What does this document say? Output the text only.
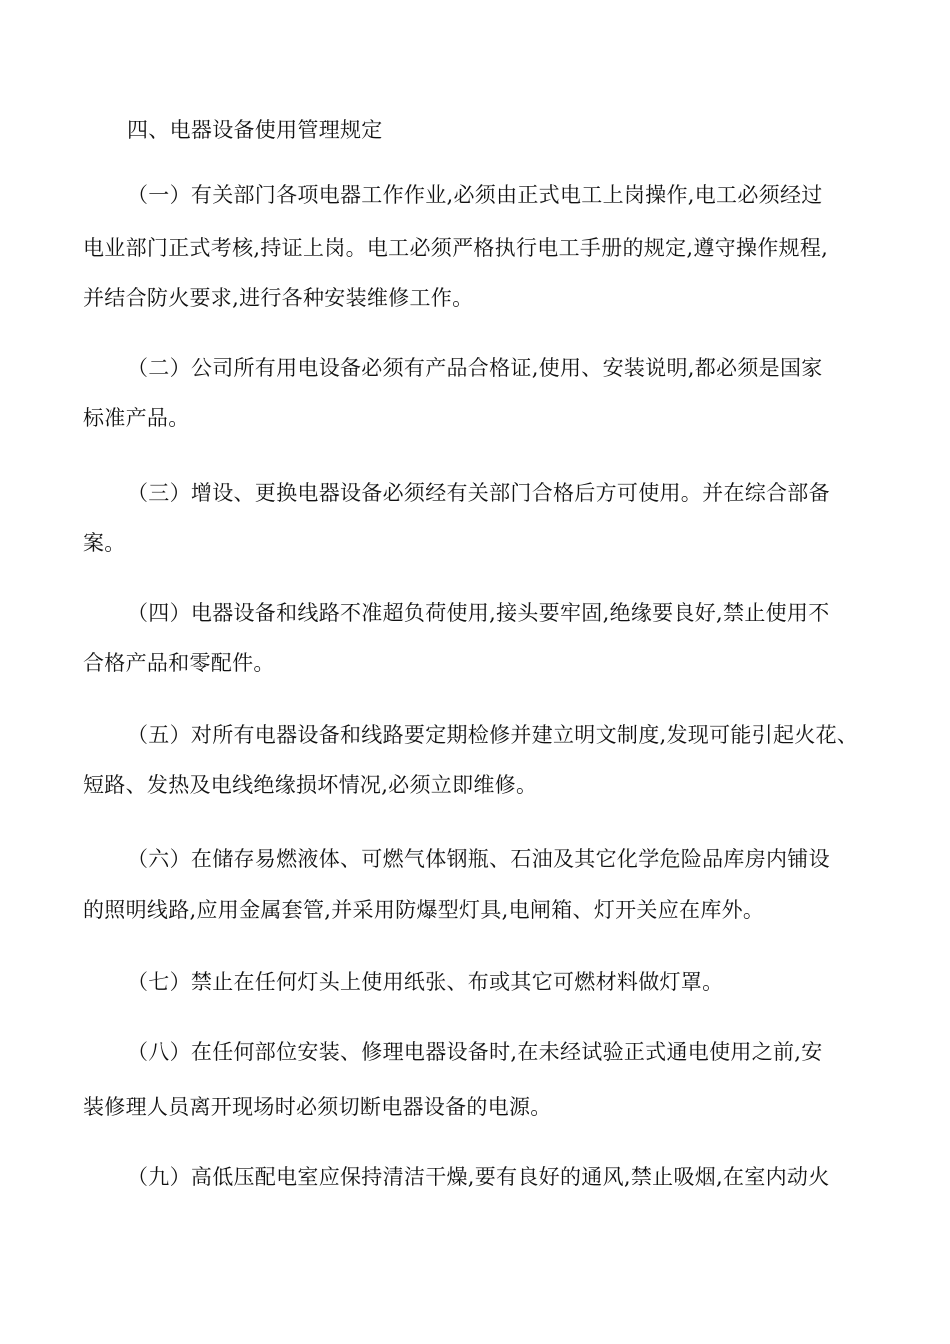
四、电器设备使用管理规定
（一）有关部门各项电器工作作业,必须由正式电工上岗操作,电工必须经过
电业部门正式考核,持证上岗。电工必须严格执行电工手册的规定,遵守操作规程,
并结合防火要求,进行各种安装维修工作。
（二）公司所有用电设备必须有产品合格证,使用、安装说明,都必须是国家
标准产品。
（三）增设、更换电器设备必须经有关部门合格后方可使用。并在综合部备
案。
（四）电器设备和线路不准超负荷使用,接头要牢固,绝缘要良好,禁止使用不
合格产品和零配件。
（五）对所有电器设备和线路要定期检修并建立明文制度,发现可能引起火花、
短路、发热及电线绝缘损坏情况,必须立即维修。
（六）在储存易燃液体、可燃气体钢瓶、石油及其它化学危险品库房内铺设
的照明线路,应用金属套管,并采用防爆型灯具,电闸箱、灯开关应在库外。
（七）禁止在任何灯头上使用纸张、布或其它可燃材料做灯罩。
（八）在任何部位安装、修理电器设备时,在未经试验正式通电使用之前,安
装修理人员离开现场时必须切断电器设备的电源。
（九）高低压配电室应保持清洁干燥,要有良好的通风,禁止吸烟,在室内动火
